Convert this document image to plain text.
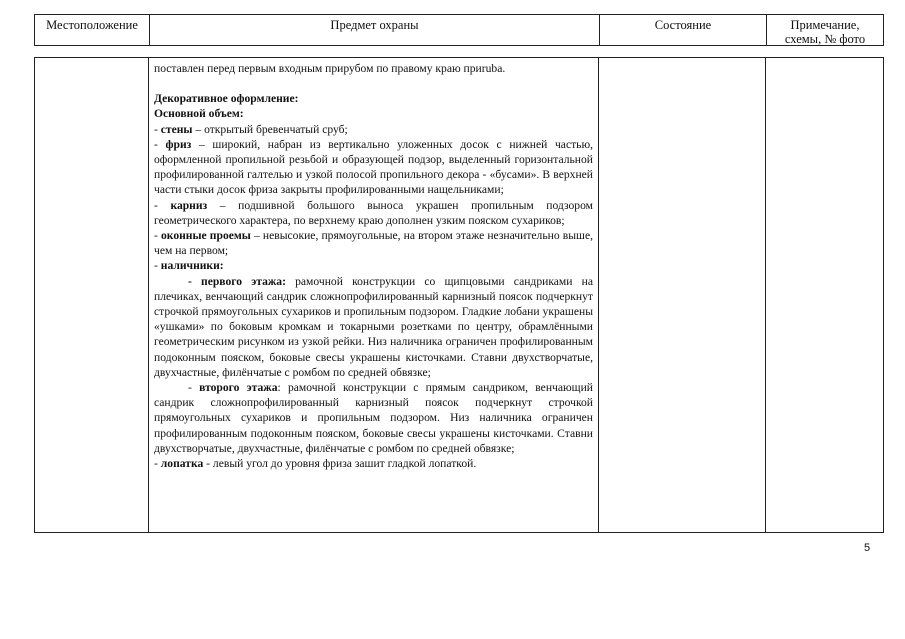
Местоположение	Предмет охраны	Состояние	Примечание,
схемы, № фото

поставлен перед первым входным прирубом по правому краю приruba.

Декоративное оформление:

Основной объем:

- стены – открытый бревенчатый сруб;

- фриз – широкий, набран из вертикально уложенных досок с нижней частью, оформленной пропильной резьбой и образующей подзор, выделенный горизонтальной профилированной галтелью и узкой полосой пропильного декора - «бусами». В верхней части стыки досок фриза закрыты профилированными нащельниками;

- карниз – подшивной большого выноса украшен пропильным подзором геометрического характера, по верхнему краю дополнен узким пояском сухариков;

- оконные проемы – невысокие, прямоугольные, на втором этаже незначительно выше, чем на первом;

- наличники:

- первого этажа: рамочной конструкции со щипцовыми сандриками на плечиках, венчающий сандрик сложнопрофилированный карнизный поясок подчеркнут строчкой прямоугольных сухариков и пропильным подзором. Гладкие лобани украшены «ушками» по боковым кромкам и токарными розетками по центру, обрамлёнными геометрическим рисунком из узкой рейки. Низ наличника ограничен профилированным подоконным пояском, боковые свесы украшены кисточками. Ставни двухстворчатые, двухчастные, филёнчатые с ромбом по средней обвязке;

- второго этажа: рамочной конструкции с прямым сандриком, венчающий сандрик сложнопрофилированный карнизный поясок подчеркнут строчкой прямоугольных сухариков и пропильным подзором. Низ наличника ограничен профилированным подоконным пояском, боковые свесы украшены кисточками. Ставни двухстворчатые, двухчастные, филёнчатые с ромбом по средней обвязке;

- лопатка - левый угол до уровня фриза зашит гладкой лопаткой.

5
